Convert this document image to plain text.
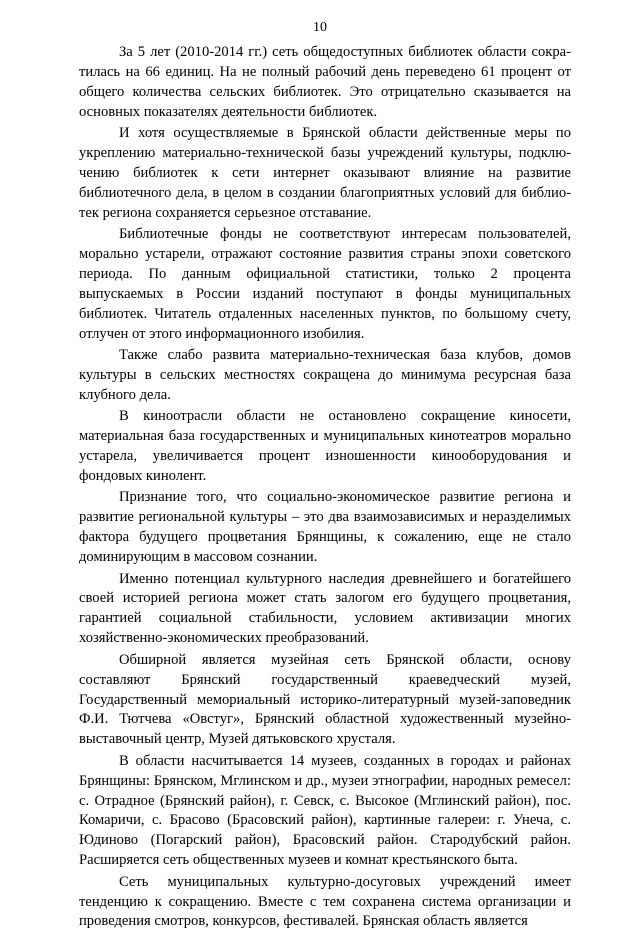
10

За 5 лет (2010-2014 гг.) сеть общедоступных библиотек области сократилась на 66 единиц. На не полный рабочий день переведено 61 процент от общего количества сельских библиотек. Это отрицательно сказывается на основных показателях деятельности библиотек.

И хотя осуществляемые в Брянской области действенные меры по укреплению материально-технической базы учреждений культуры, подключению библиотек к сети интернет оказывают влияние на развитие библиотечного дела, в целом в создании благоприятных условий для библиотек региона сохраняется серьезное отставание.

Библиотечные фонды не соответствуют интересам пользователей, морально устарели, отражают состояние развития страны эпохи советского периода. По данным официальной статистики, только 2 процента выпускаемых в России изданий поступают в фонды муниципальных библиотек. Читатель отдаленных населенных пунктов, по большому счету, отлучен от этого информационного изобилия.

Также слабо развита материально-техническая база клубов, домов культуры в сельских местностях сокращена до минимума ресурсная база клубного дела.

В киноотрасли области не остановлено сокращение киносети, материальная база государственных и муниципальных кинотеатров морально устарела, увеличивается процент изношенности кинооборудования и фондовых кинолент.

Признание того, что социально-экономическое развитие региона и развитие региональной культуры – это два взаимозависимых и неразделимых фактора будущего процветания Брянщины, к сожалению, еще не стало доминирующим в массовом сознании.

Именно потенциал культурного наследия древнейшего и богатейшего своей историей региона может стать залогом его будущего процветания, гарантией социальной стабильности, условием активизации многих хозяйственно-экономических преобразований.

Обширной является музейная сеть Брянской области, основу составляют Брянский государственный краеведческий музей, Государственный мемориальный историко-литературный музей-заповедник Ф.И. Тютчева «Овстуг», Брянский областной художественный музейно-выставочный центр, Музей дятьковского хрусталя.

В области насчитывается 14 музеев, созданных в городах и районах Брянщины: Брянском, Мглинском и др., музеи этнографии, народных ремесел: с. Отрадное (Брянский район), г. Севск, с. Высокое (Мглинский район), пос. Комаричи, с. Брасово (Брасовский район), картинные галереи: г. Унеча, с. Юдиново (Погарский район), Брасовский район. Стародубский район. Расширяется сеть общественных музеев и комнат крестьянского быта.

Сеть муниципальных культурно-досуговых учреждений имеет тенденцию к сокращению. Вместе с тем сохранена система организации и проведения смотров, конкурсов, фестивалей. Брянская область является
